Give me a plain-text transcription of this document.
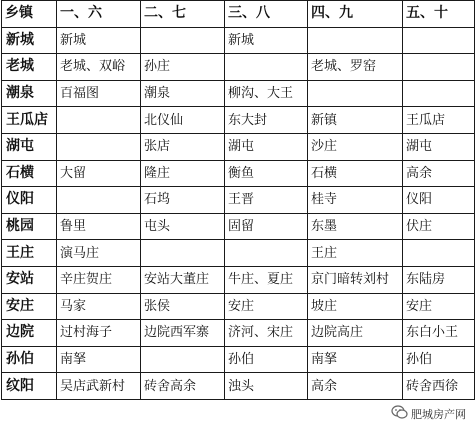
乡镇	一、六	二、七	三、八	四、九	五、十
新城	新城		新城		
老城	老城、双峪	孙庄		老城、罗窑	
潮泉	百福图	潮泉	柳沟、大王		
王瓜店		北仪仙	东大封	新镇	王瓜店
湖屯		张店	湖屯	沙庄	湖屯
石横	大留	隆庄	衡鱼	石横	高余
仪阳		石坞	王晋	桂寺	仪阳
桃园	鲁里	屯头	固留	东墨	伏庄
王庄	演马庄			王庄	
安站	辛庄贺庄	安站大董庄	牛庄、夏庄	京门暗转刘村	东陆房
安庄	马家	张侯	安庄	坡庄	安庄
边院	过村海子	边院西军寨	济河、宋庄	边院高庄	东白小王
孙伯	南拏		孙伯	南拏	孙伯
纹阳	吴店武新村	砖舍高余	浊头	高余	砖舍西徐
肥城房产网
